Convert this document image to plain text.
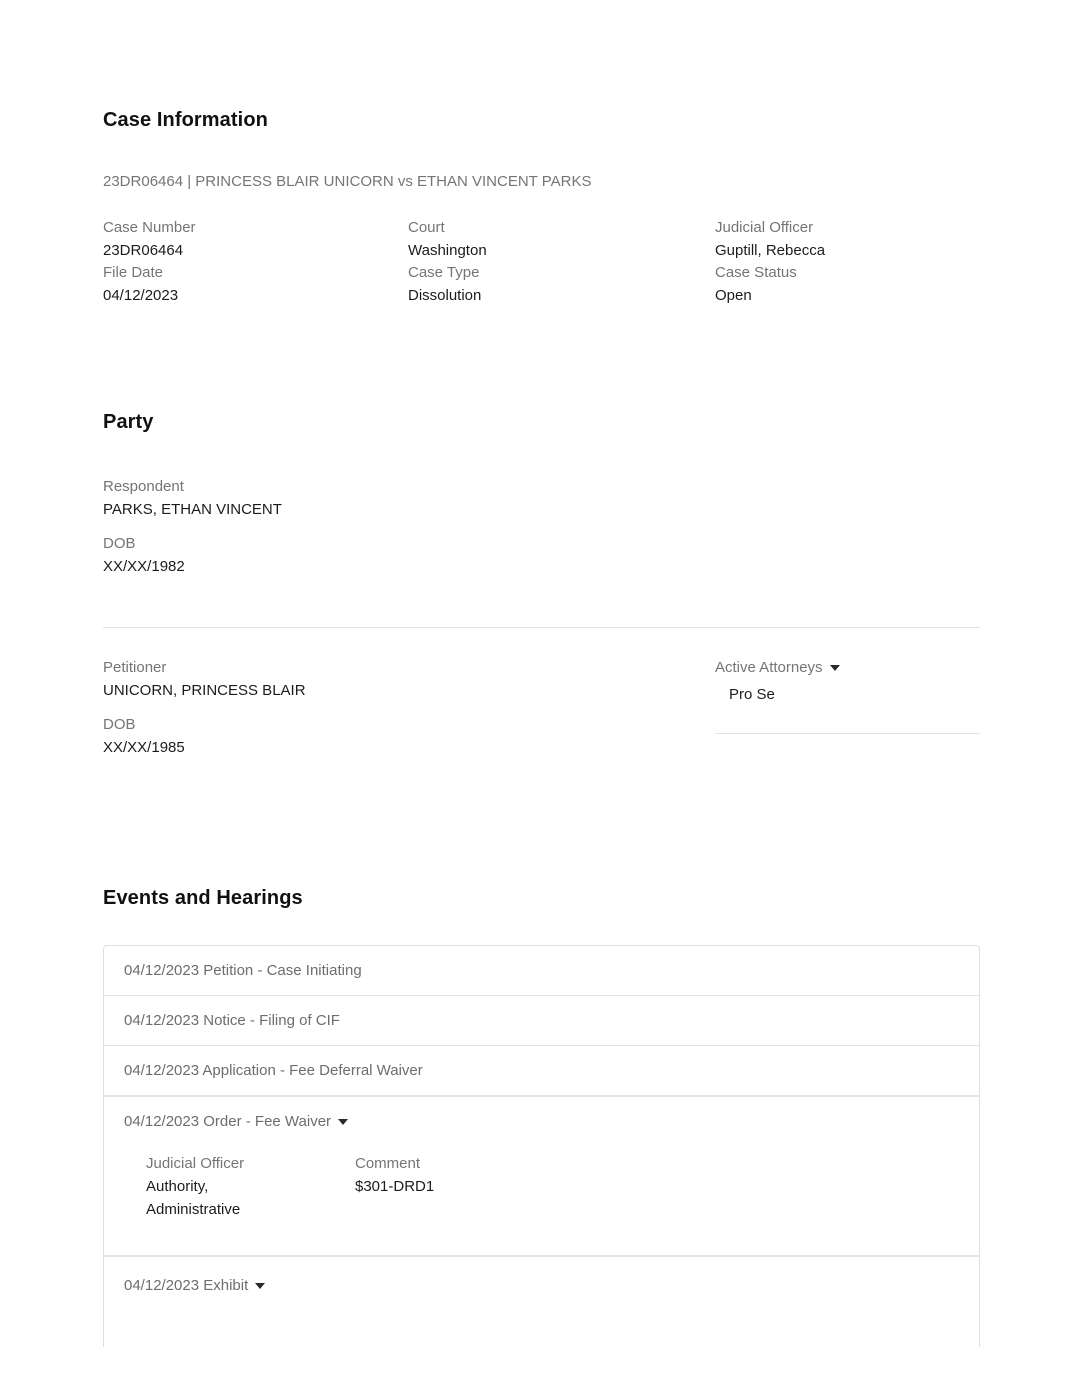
Case Information
23DR06464 | PRINCESS BLAIR UNICORN vs ETHAN VINCENT PARKS
Case Number
23DR06464
Court
Washington
Judicial Officer
Guptill, Rebecca
File Date
04/12/2023
Case Type
Dissolution
Case Status
Open
Party
Respondent
PARKS, ETHAN VINCENT
DOB
XX/XX/1982
Petitioner
UNICORN, PRINCESS BLAIR
DOB
XX/XX/1985
Active Attorneys
Pro Se
Events and Hearings
04/12/2023 Petition - Case Initiating
04/12/2023 Notice - Filing of CIF
04/12/2023 Application - Fee Deferral Waiver
04/12/2023 Order - Fee Waiver
Judicial Officer
Authority, Administrative
Comment
$301-DRD1
04/12/2023 Exhibit
